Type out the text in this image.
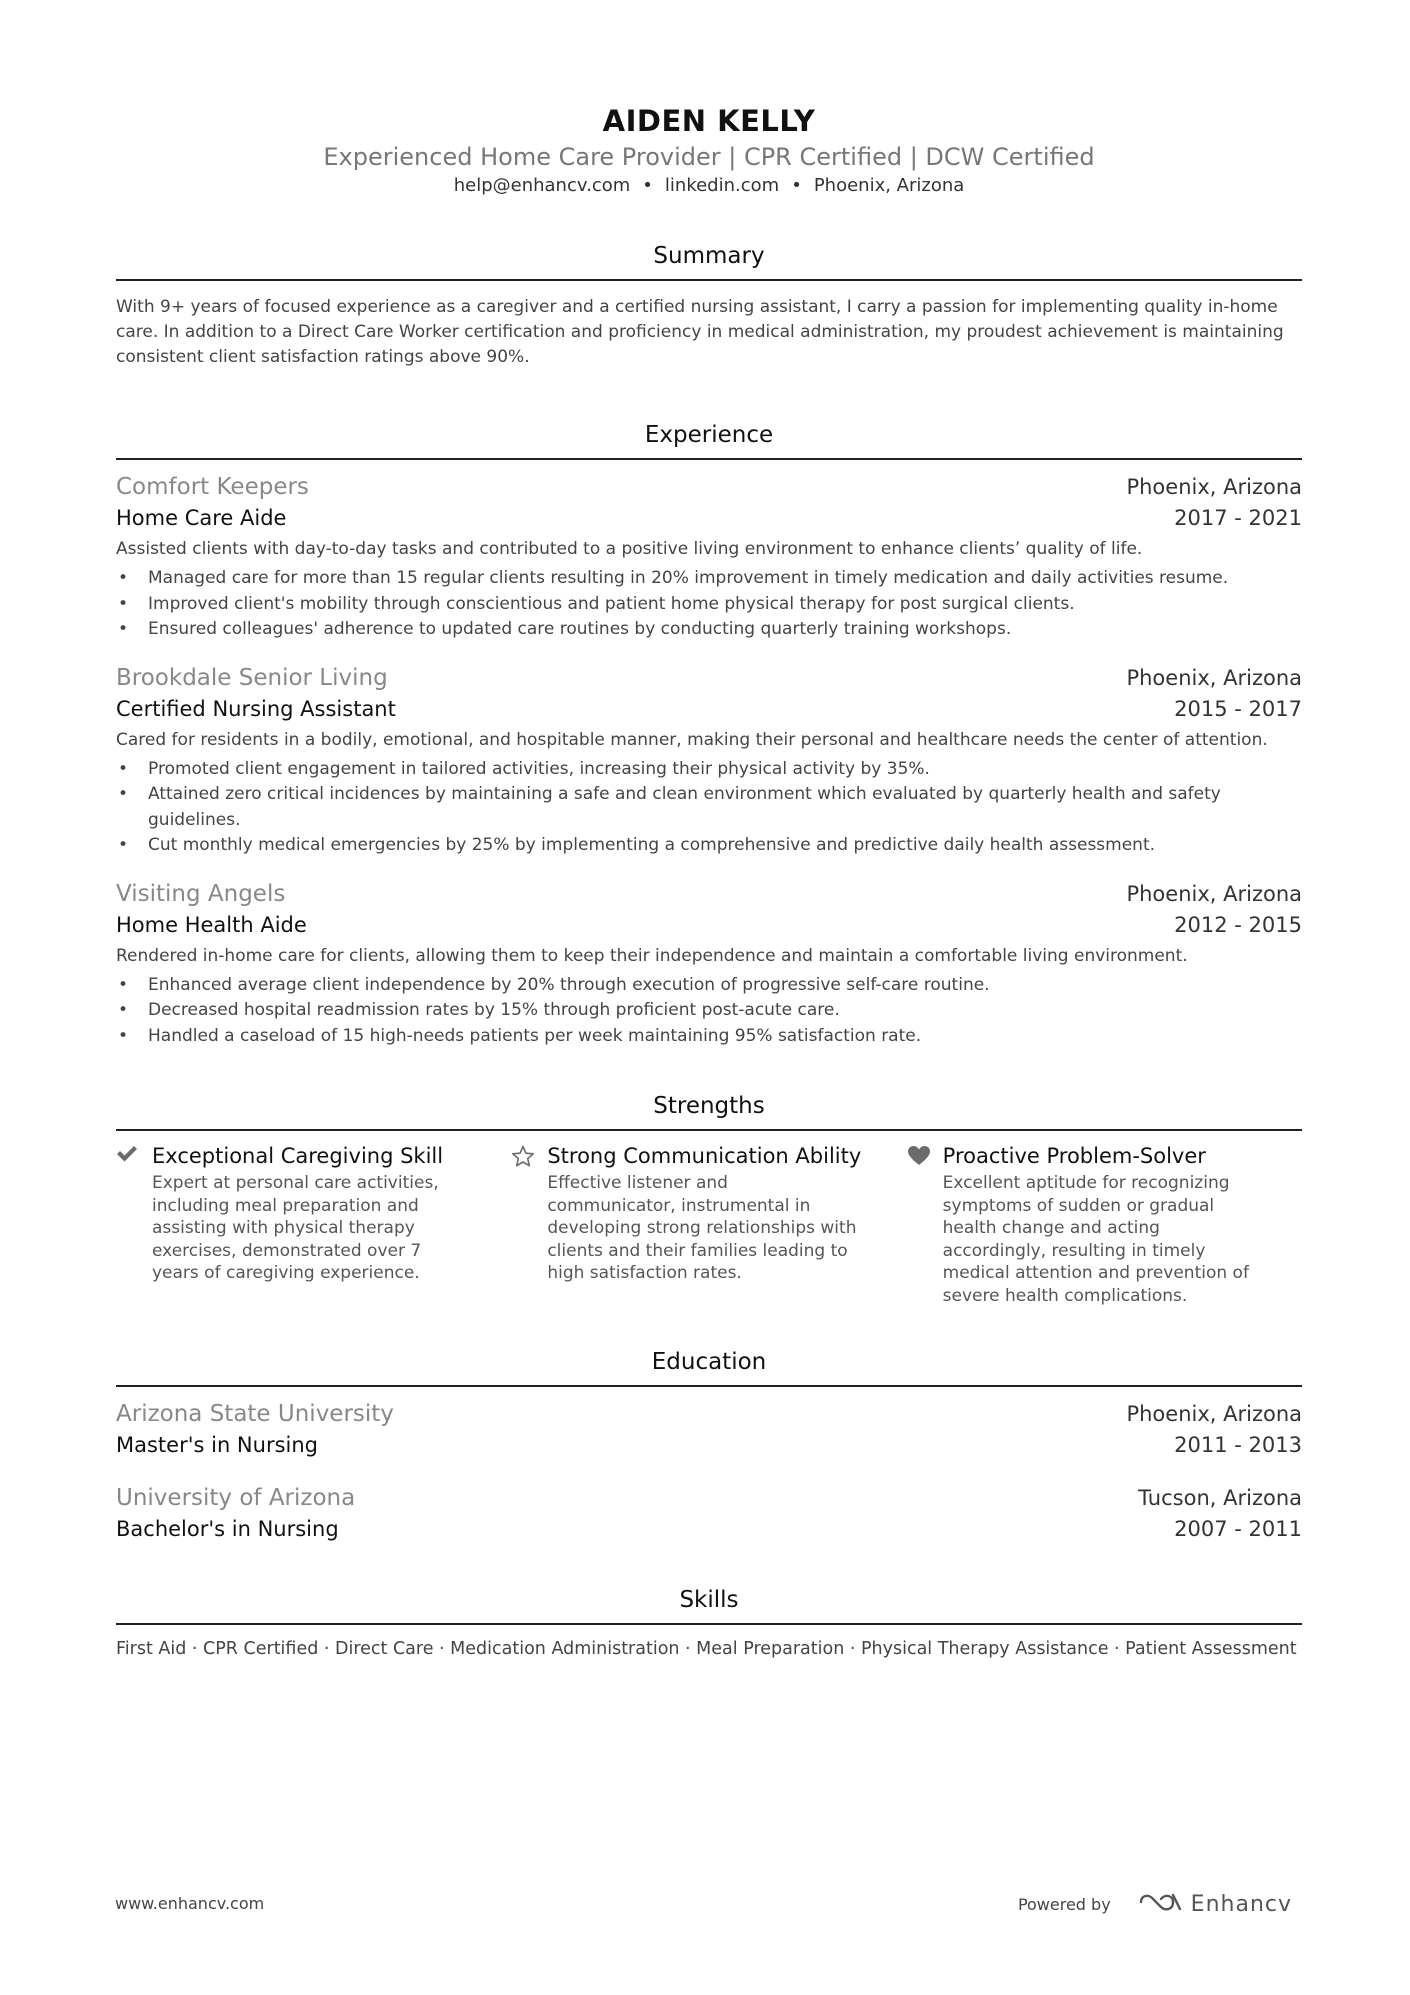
AIDEN KELLY
Experienced Home Care Provider | CPR Certified | DCW Certified
help@enhancv.com • linkedin.com • Phoenix, Arizona
Summary
With 9+ years of focused experience as a caregiver and a certified nursing assistant, I carry a passion for implementing quality in-home care. In addition to a Direct Care Worker certification and proficiency in medical administration, my proudest achievement is maintaining consistent client satisfaction ratings above 90%.
Experience
Comfort Keepers	Phoenix, Arizona
Home Care Aide	2017 - 2021
Assisted clients with day-to-day tasks and contributed to a positive living environment to enhance clients’ quality of life.
• Managed care for more than 15 regular clients resulting in 20% improvement in timely medication and daily activities resume.
• Improved client's mobility through conscientious and patient home physical therapy for post surgical clients.
• Ensured colleagues' adherence to updated care routines by conducting quarterly training workshops.
Brookdale Senior Living	Phoenix, Arizona
Certified Nursing Assistant	2015 - 2017
Cared for residents in a bodily, emotional, and hospitable manner, making their personal and healthcare needs the center of attention.
• Promoted client engagement in tailored activities, increasing their physical activity by 35%.
• Attained zero critical incidences by maintaining a safe and clean environment which evaluated by quarterly health and safety guidelines.
• Cut monthly medical emergencies by 25% by implementing a comprehensive and predictive daily health assessment.
Visiting Angels	Phoenix, Arizona
Home Health Aide	2012 - 2015
Rendered in-home care for clients, allowing them to keep their independence and maintain a comfortable living environment.
• Enhanced average client independence by 20% through execution of progressive self-care routine.
• Decreased hospital readmission rates by 15% through proficient post-acute care.
• Handled a caseload of 15 high-needs patients per week maintaining 95% satisfaction rate.
Strengths
Exceptional Caregiving Skill
Expert at personal care activities, including meal preparation and assisting with physical therapy exercises, demonstrated over 7 years of caregiving experience.
Strong Communication Ability
Effective listener and communicator, instrumental in developing strong relationships with clients and their families leading to high satisfaction rates.
Proactive Problem-Solver
Excellent aptitude for recognizing symptoms of sudden or gradual health change and acting accordingly, resulting in timely medical attention and prevention of severe health complications.
Education
Arizona State University	Phoenix, Arizona
Master's in Nursing	2011 - 2013
University of Arizona	Tucson, Arizona
Bachelor's in Nursing	2007 - 2011
Skills
First Aid · CPR Certified · Direct Care · Medication Administration · Meal Preparation · Physical Therapy Assistance · Patient Assessment
www.enhancv.com	Powered by	Enhancv
